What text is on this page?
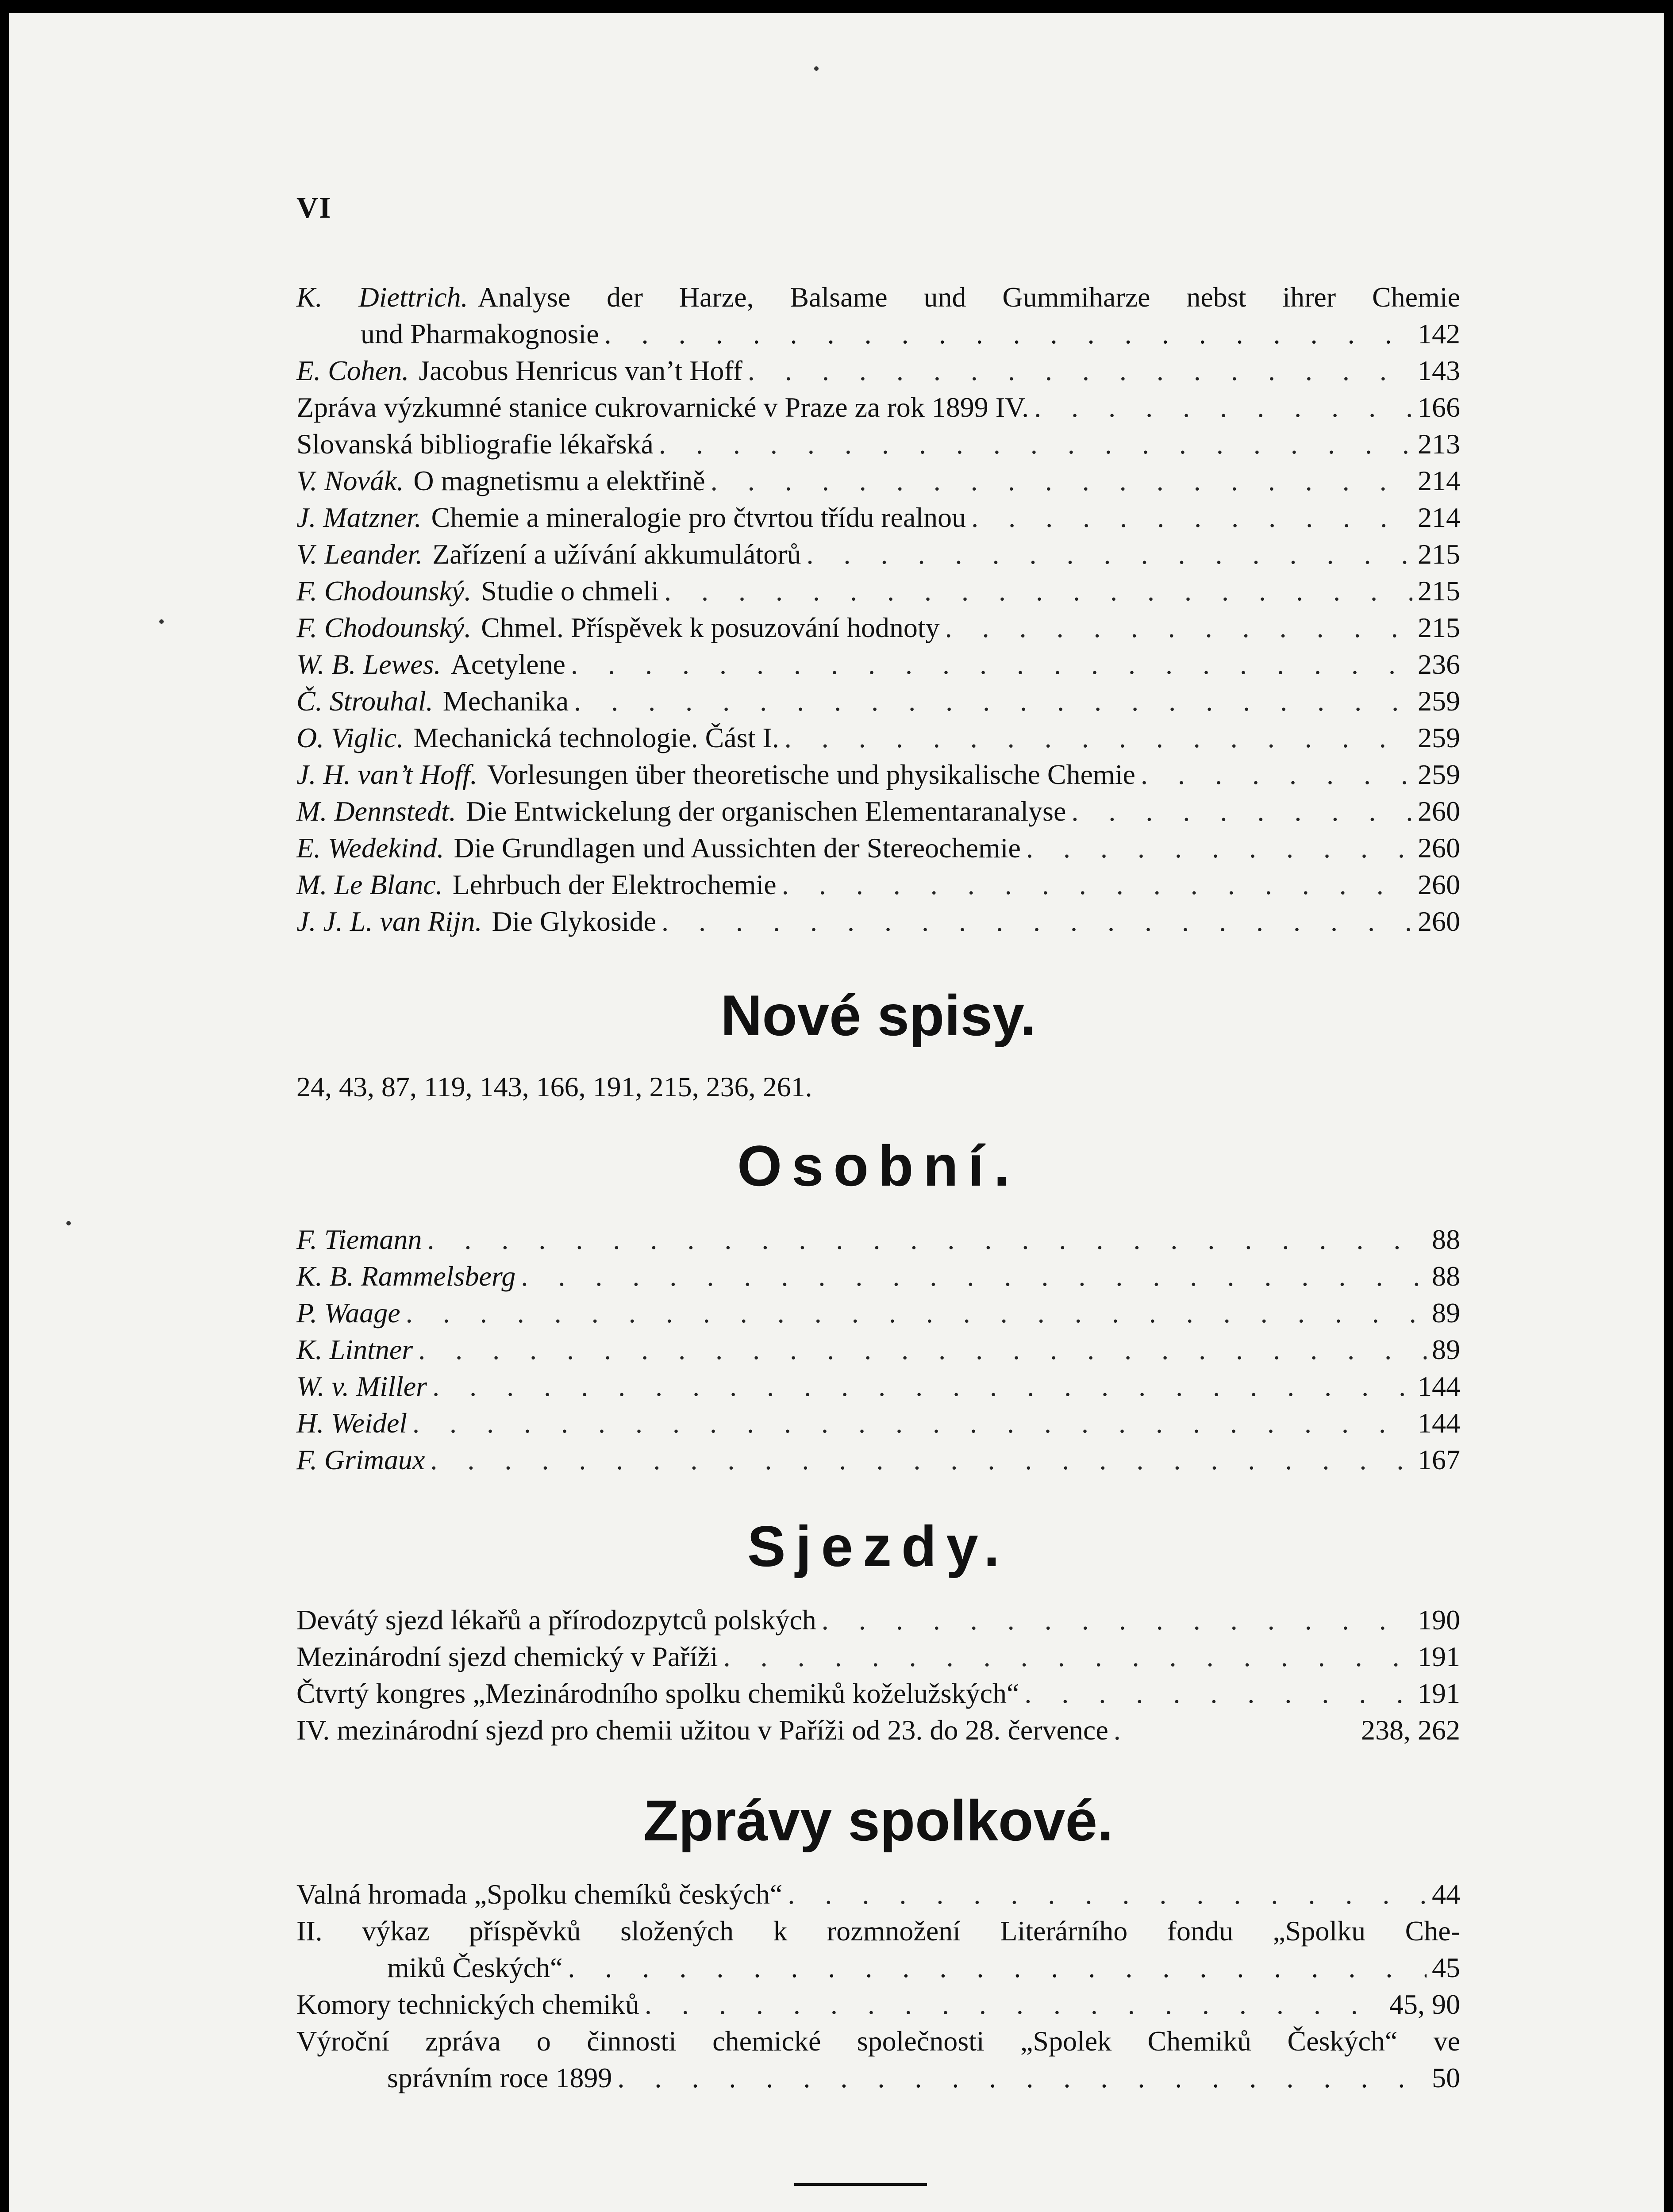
VI
K. Diettrich. Analyse der Harze, Balsame und Gummiharze nebst ihrer Chemie
und Pharmakognosie . . .	142
E. Cohen. Jacobus Henricus van’t Hoff . . .	143
Zpráva výzkumné stanice cukrovarnické v Praze za rok 1899 IV. . . .	166
Slovanská bibliografie lékařská . . .	213
V. Novák. O magnetismu a elektřině . . .	214
J. Matzner. Chemie a mineralogie pro čtvrtou třídu realnou . . .	214
V. Leander. Zařízení a užívání akkumulátorů . . .	215
F. Chodounský. Studie o chmeli . . .	215
F. Chodounský. Chmel. Příspěvek k posuzování hodnoty . . .	215
W. B. Lewes. Acetylene . . .	236
Č. Strouhal. Mechanika . . .	259
O. Viglic. Mechanická technologie. Část I. . . .	259
J. H. van’t Hoff. Vorlesungen über theoretische und physikalische Chemie . . .	259
M. Dennstedt. Die Entwickelung der organischen Elementaranalyse . . .	260
E. Wedekind. Die Grundlagen und Aussichten der Stereochemie . . .	260
M. Le Blanc. Lehrbuch der Elektrochemie . . .	260
J. J. L. van Rijn. Die Glykoside . . .	260
Nové spisy.
24, 43, 87, 119, 143, 166, 191, 215, 236, 261.
Osobní.
F. Tiemann . . .	88
K. B. Rammelsberg . . .	88
P. Waage . . .	89
K. Lintner . . .	89
W. v. Miller . . .	144
H. Weidel . . .	144
F. Grimaux . . .	167
Sjezdy.
Devátý sjezd lékařů a přírodozpytců polských . . .	190
Mezinárodní sjezd chemický v Paříži . . .	191
Čtvrtý kongres „Mezinárodního spolku chemiků koželužských“ . . .	191
IV. mezinárodní sjezd pro chemii užitou v Paříži od 23. do 28. července . . .	238, 262
Zprávy spolkové.
Valná hromada „Spolku chemíků českých“ . . .	44
II. výkaz příspěvků složených k rozmnožení Literárního fondu „Spolku Che-
miků Českých“ . . .	45
Komory technických chemiků . . .	45, 90
Výroční zpráva o činnosti chemické společnosti „Spolek Chemiků Českých“ ve
správním roce 1899 . . .	50
